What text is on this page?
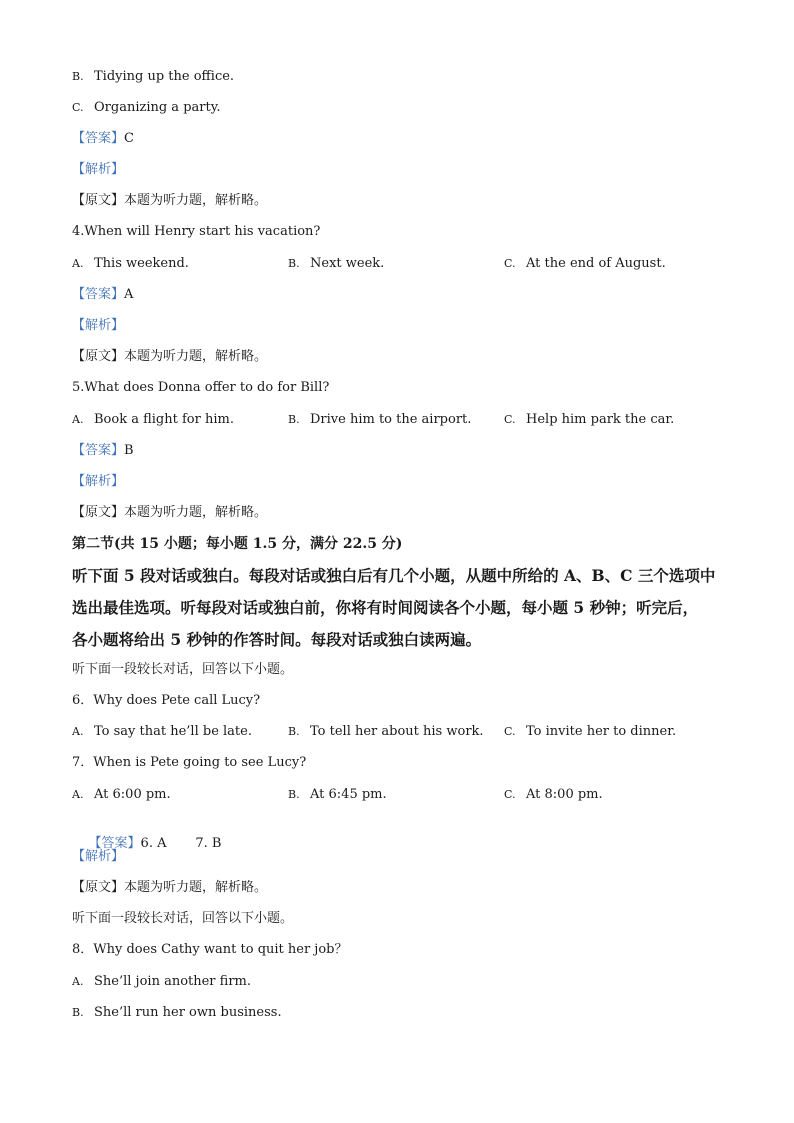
B. Tidying up the office.
C. Organizing a party.
【答案】C
【解析】
【原文】本题为听力题，解析略。
4.When will Henry start his vacation?
A. This weekend.	B. Next week.	C. At the end of August.
【答案】A
【解析】
【原文】本题为听力题，解析略。
5.What does Donna offer to do for Bill?
A. Book a flight for him.	B. Drive him to the airport.	C. Help him park the car.
【答案】B
【解析】
【原文】本题为听力题，解析略。
第二节(共 15 小题；每小题 1.5 分，满分 22.5 分)
听下面 5 段对话或独白。每段对话或独白后有几个小题，从题中所给的 A、B、C 三个选项中
选出最佳选项。听每段对话或独白前，你将有时间阅读各个小题，每小题 5 秒钟；听完后，
各小题将给出 5 秒钟的作答时间。每段对话或独白读两遍。
听下面一段较长对话，回答以下小题。
6．Why does Pete call Lucy?
A. To say that he’ll be late.	B. To tell her about his work. C. To invite her to dinner.
7．When is Pete going to see Lucy?
A. At 6:00 pm.	B. At 6:45 pm.	C. At 8:00 pm.

【答案】6. A       7. B

【解析】
【原文】本题为听力题，解析略。
听下面一段较长对话，回答以下小题。
8．Why does Cathy want to quit her job？
A. She’ll join another firm.
B. She’ll run her own business.
